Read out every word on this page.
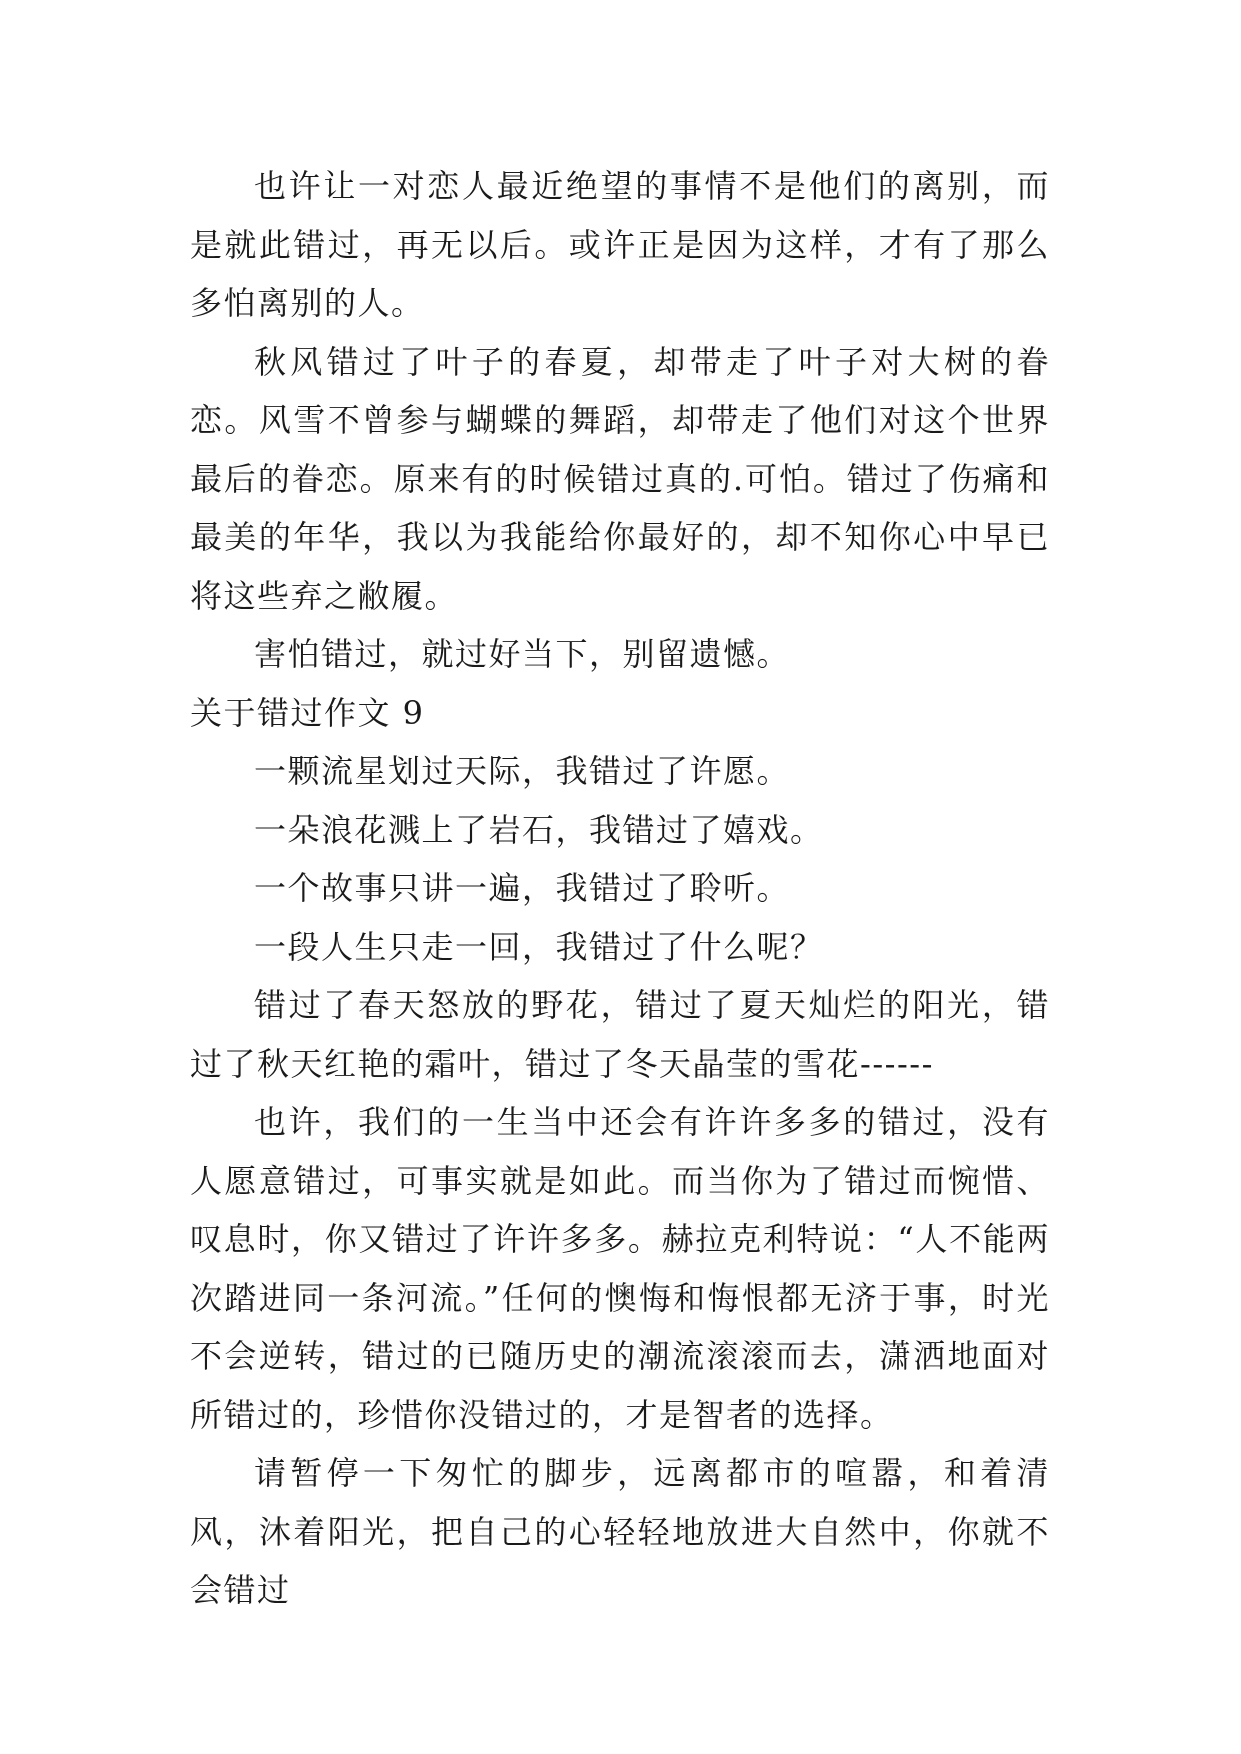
也许让一对恋人最近绝望的事情不是他们的离别，而是就此错过，再无以后。或许正是因为这样，才有了那么多怕离别的人。

秋风错过了叶子的春夏，却带走了叶子对大树的眷恋。风雪不曾参与蝴蝶的舞蹈，却带走了他们对这个世界最后的眷恋。原来有的时候错过真的.可怕。错过了伤痛和最美的年华，我以为我能给你最好的，却不知你心中早已将这些弃之敝履。

害怕错过，就过好当下，别留遗憾。

关于错过作文 9

一颗流星划过天际，我错过了许愿。

一朵浪花溅上了岩石，我错过了嬉戏。

一个故事只讲一遍，我错过了聆听。

一段人生只走一回，我错过了什么呢？

错过了春天怒放的野花，错过了夏天灿烂的阳光，错过了秋天红艳的霜叶，错过了冬天晶莹的雪花------

也许，我们的一生当中还会有许许多多的错过，没有人愿意错过，可事实就是如此。而当你为了错过而惋惜、叹息时，你又错过了许许多多。赫拉克利特说：“人不能两次踏进同一条河流。”任何的懊悔和悔恨都无济于事，时光不会逆转，错过的已随历史的潮流滚滚而去，潇洒地面对所错过的，珍惜你没错过的，才是智者的选择。

请暂停一下匆忙的脚步，远离都市的喧嚣，和着清风，沐着阳光，把自己的心轻轻地放进大自然中，你就不会错过
